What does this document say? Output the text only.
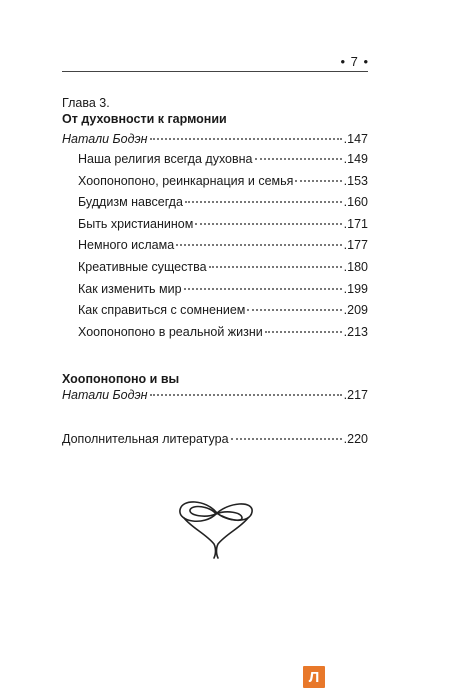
• 7 •
Глава 3.
От духовности к гармонии
Натали Бодэн	.147
Наша религия всегда духовна	.149
Хоопонопоно, реинкарнация и семья	.153
Буддизм навсегда	.160
Быть христианином	.171
Немного ислама	.177
Креативные существа	.180
Как изменить мир	.199
Как справиться с сомнением	.209
Хоопонопоно в реальной жизни	.213
Хоопонопоно и вы
Натали Бодэн	.217
Дополнительная литература	.220
Л
